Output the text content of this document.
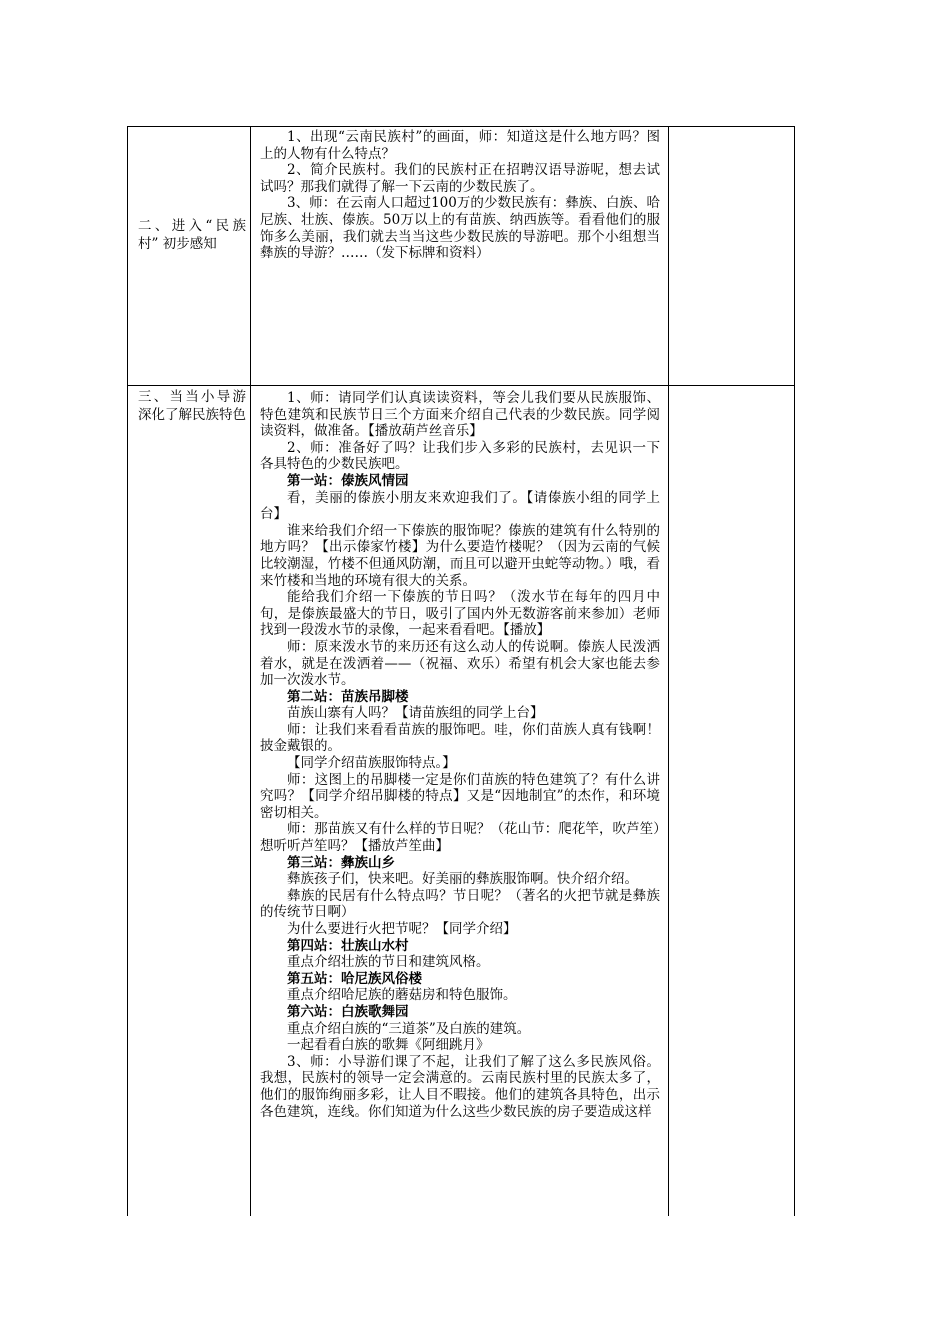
二、进入“民族村” 初步感知

1、出现“云南民族村”的画面，师：知道这是什么地方吗？图上的人物有什么特点？

2、简介民族村。我们的民族村正在招聘汉语导游呢，想去试试吗？那我们就得了解一下云南的少数民族了。

3、师：在云南人口超过100万的少数民族有：彝族、白族、哈尼族、壮族、傣族。50万以上的有苗族、纳西族等。看看他们的服饰多么美丽，我们就去当当这些少数民族的导游吧。那个小组想当彝族的导游？……（发下标牌和资料）

三、当当小导游 深化了解民族特色

1、师：请同学们认真读读资料，等会儿我们要从民族服饰、特色建筑和民族节日三个方面来介绍自己代表的少数民族。同学阅读资料，做准备。【播放葫芦丝音乐】

2、师：准备好了吗？让我们步入多彩的民族村，去见识一下各具特色的少数民族吧。

第一站：傣族风情园

看，美丽的傣族小朋友来欢迎我们了。【请傣族小组的同学上台】

谁来给我们介绍一下傣族的服饰呢？傣族的建筑有什么特别的地方吗？【出示傣家竹楼】为什么要造竹楼呢？（因为云南的气候比较潮湿，竹楼不但通风防潮，而且可以避开虫蛇等动物。）哦，看来竹楼和当地的环境有很大的关系。

能给我们介绍一下傣族的节日吗？（泼水节在每年的四月中旬，是傣族最盛大的节日，吸引了国内外无数游客前来参加）老师找到一段泼水节的录像，一起来看看吧。【播放】

师：原来泼水节的来历还有这么动人的传说啊。傣族人民泼洒着水，就是在泼洒着——（祝福、欢乐）希望有机会大家也能去参加一次泼水节。

第二站：苗族吊脚楼

苗族山寨有人吗？【请苗族组的同学上台】

师：让我们来看看苗族的服饰吧。哇，你们苗族人真有钱啊！披金戴银的。

【同学介绍苗族服饰特点。】

师：这图上的吊脚楼一定是你们苗族的特色建筑了？有什么讲究吗？【同学介绍吊脚楼的特点】又是“因地制宜”的杰作，和环境密切相关。

师：那苗族又有什么样的节日呢？（花山节：爬花竿，吹芦笙）想听听芦笙吗？【播放芦笙曲】

第三站：彝族山乡

彝族孩子们，快来吧。好美丽的彝族服饰啊。快介绍介绍。

彝族的民居有什么特点吗？节日呢？（著名的火把节就是彝族的传统节日啊）

为什么要进行火把节呢？【同学介绍】

第四站：壮族山水村

重点介绍壮族的节日和建筑风格。

第五站：哈尼族风俗楼

重点介绍哈尼族的蘑菇房和特色服饰。

第六站：白族歌舞园

重点介绍白族的“三道茶”及白族的建筑。

一起看看白族的歌舞《阿细跳月》

3、师：小导游们课了不起，让我们了解了这么多民族风俗。我想，民族村的领导一定会满意的。云南民族村里的民族太多了，他们的服饰绚丽多彩，让人目不暇接。他们的建筑各具特色，出示各色建筑，连线。你们知道为什么这些少数民族的房子要造成这样
